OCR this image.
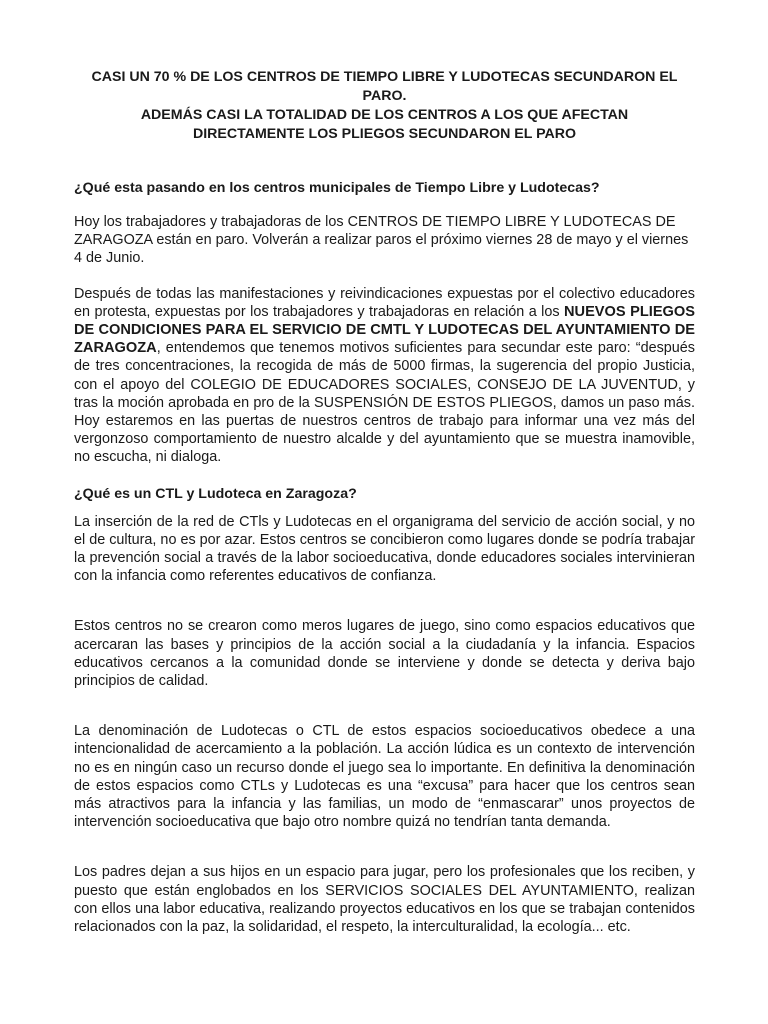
CASI UN 70 % DE LOS CENTROS DE TIEMPO LIBRE Y LUDOTECAS SECUNDARON EL PARO.

ADEMÁS CASI LA TOTALIDAD DE LOS CENTROS A LOS QUE AFECTAN DIRECTAMENTE LOS PLIEGOS SECUNDARON EL PARO

¿Qué esta pasando en los centros municipales de Tiempo Libre y Ludotecas?

Hoy los trabajadores y trabajadoras de los CENTROS DE TIEMPO LIBRE Y LUDOTECAS DE ZARAGOZA están en paro. Volverán a realizar paros el próximo viernes 28 de mayo y el viernes 4 de Junio.

Después de todas las manifestaciones y reivindicaciones expuestas por el colectivo educadores en protesta, expuestas por los trabajadores y trabajadoras en relación a los NUEVOS PLIEGOS DE CONDICIONES PARA EL SERVICIO DE CMTL Y LUDOTECAS DEL AYUNTAMIENTO DE ZARAGOZA, entendemos que tenemos motivos suficientes para secundar este paro: “después de tres concentraciones, la recogida de más de 5000 firmas, la sugerencia del propio Justicia, con el apoyo del COLEGIO DE EDUCADORES SOCIALES, CONSEJO DE LA JUVENTUD, y tras la moción aprobada en pro de la SUSPENSIÓN DE ESTOS PLIEGOS, damos un paso más. Hoy estaremos en las puertas de nuestros centros de trabajo para informar una vez más del vergonzoso comportamiento de nuestro alcalde y del ayuntamiento que se muestra inamovible, no escucha, ni dialoga.

¿Qué es un CTL y Ludoteca en Zaragoza?

La inserción de la red de CTls y Ludotecas en el organigrama del servicio de acción social, y no el de cultura, no es por azar. Estos centros se concibieron como lugares donde se podría trabajar la prevención social a través de la labor socioeducativa, donde educadores sociales intervinieran con la infancia como referentes educativos de confianza.

Estos centros no se crearon como meros lugares de juego, sino como espacios educativos que acercaran las bases y principios de la acción social a la ciudadanía y la infancia. Espacios educativos cercanos a la comunidad donde se interviene y donde se detecta y deriva bajo principios de calidad.

La denominación de Ludotecas o CTL de estos espacios socioeducativos obedece a una intencionalidad de acercamiento a la población. La acción lúdica es un contexto de intervención no es en ningún caso un recurso donde el juego sea lo importante. En definitiva la denominación de estos espacios como CTLs y Ludotecas es una “excusa” para hacer que los centros sean más atractivos para la infancia y las familias, un modo de “enmascarar” unos proyectos de intervención socioeducativa que bajo otro nombre quizá no tendrían tanta demanda.

Los padres dejan a sus hijos en un espacio para jugar, pero los profesionales que los reciben, y puesto que están englobados en los SERVICIOS SOCIALES DEL AYUNTAMIENTO, realizan con ellos una labor educativa, realizando proyectos educativos en los que se trabajan contenidos relacionados con la paz, la solidaridad, el respeto, la interculturalidad, la ecología... etc.
